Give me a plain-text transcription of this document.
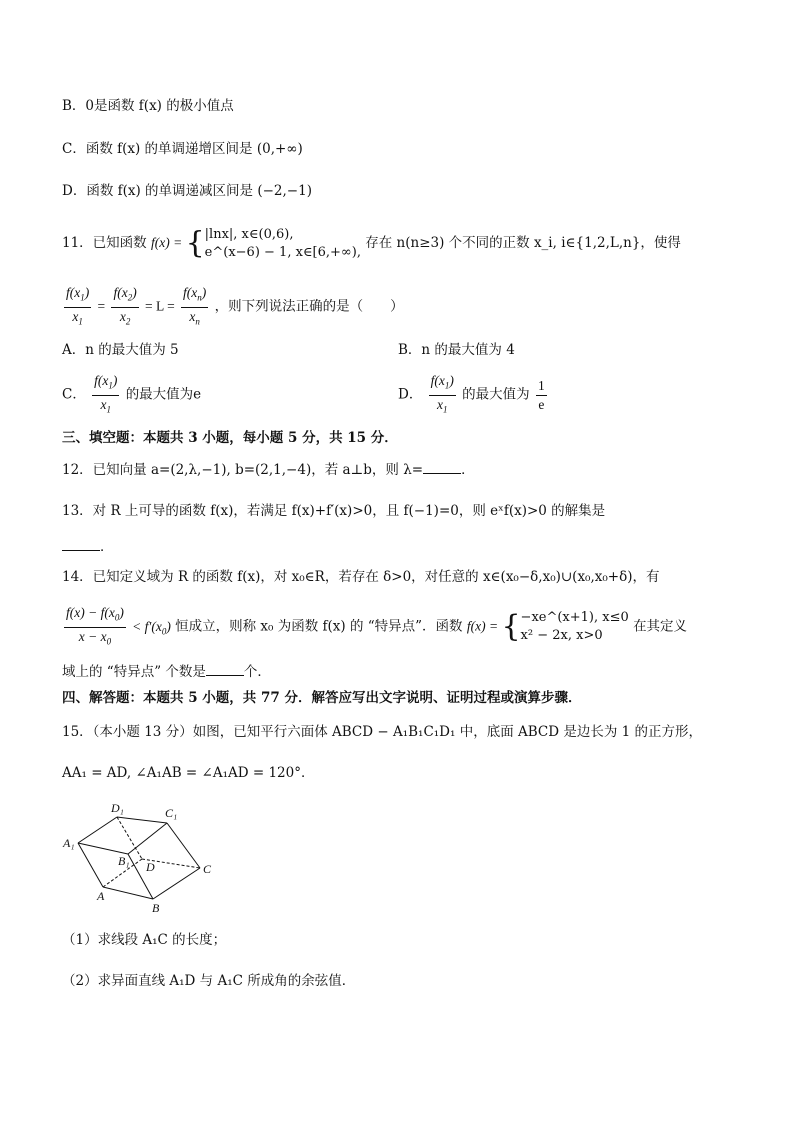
B．0是函数 f(x) 的极小值点
C．函数 f(x) 的单调递增区间是 (0,+∞)
D．函数 f(x) 的单调递减区间是 (−2,−1)
11．已知函数 f(x) = { |lnx|, x∈(0,6),
e^(x−6) − 1, x∈[6,+∞),
存在 n(n≥3) 个不同的正数 x_i, i∈{1,2,L,n}，使得
$\frac{f(x_1)}{x_1} = \frac{f(x_2)}{x_2} = L = \frac{f(x_n)}{x_n}$ ，则下列说法正确的是（　　）
A．n 的最大值为 5	B．n 的最大值为 4
C． $\frac{f(x_1)}{x_1}$ 的最大值为e	D． $\frac{f(x_1)}{x_1}$ 的最大值为 $\frac{1}{e}$
三、填空题：本题共 3 小题，每小题 5 分，共 15 分．
12．已知向量 a=(2,λ,−1), b=(2,1,−4)，若 a⊥b，则 λ=	．
13．对 R 上可导的函数 f(x)，若满足 f(x)+f′(x)>0，且 f(−1)=0，则 eˣf(x)>0 的解集是
．
14．已知定义域为 R 的函数 f(x)，对 x₀∈R，若存在 δ>0，对任意的 x∈(x₀−δ,x₀)∪(x₀,x₀+δ)，有
$\frac{f(x) - f(x_0)}{x - x_0} < f'(x_0)$ 恒成立，则称 x₀ 为函数 f(x) 的 “特异点”．函数 f(x) = { −xe^(x+1), x≤0
x² − 2x, x>0
在其定义
域上的 “特异点” 个数是	个．
四、解答题：本题共 5 小题，共 77 分．解答应写出文字说明、证明过程或演算步骤．
15．（本小题 13 分）如图，已知平行六面体 ABCD − A₁B₁C₁D₁ 中，底面 ABCD 是边长为 1 的正方形，
AA₁ = AD, ∠A₁AB = ∠A₁AD = 120°．
A₁
D₁	C₁
B₁ D	C
A
B
（1）求线段 A₁C 的长度；
（2）求异面直线 A₁D 与 A₁C 所成角的余弦值．
